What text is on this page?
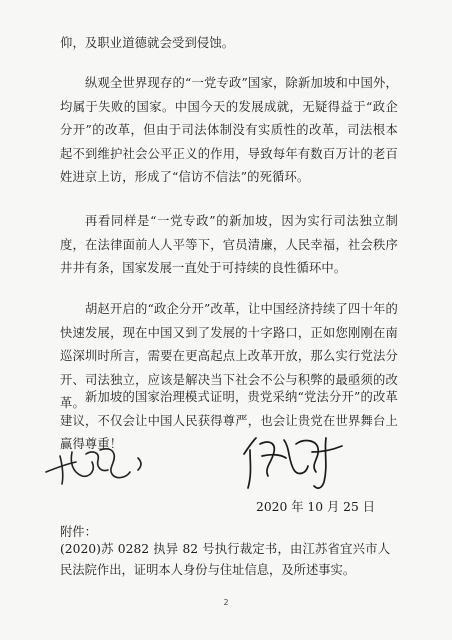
仰，及职业道德就会受到侵蚀。

纵观全世界现存的“一党专政”国家，除新加坡和中国外，均属于失败的国家。中国今天的发展成就，无疑得益于“政企分开”的改革，但由于司法体制没有实质性的改革，司法根本起不到维护社会公平正义的作用，导致每年有数百万计的老百姓进京上访，形成了“信访不信法”的死循环。

再看同样是“一党专政”的新加坡，因为实行司法独立制度，在法律面前人人平等下，官员清廉，人民幸福，社会秩序井井有条，国家发展一直处于可持续的良性循环中。

胡赵开启的“政企分开”改革，让中国经济持续了四十年的快速发展，现在中国又到了发展的十字路口，正如您刚刚在南巡深圳时所言，需要在更高起点上改革开放，那么实行党法分开、司法独立，应该是解决当下社会不公与积弊的最亟须的改革。 新加坡的国家治理模式证明，贵党采纳“党法分开”的改革建议，不仅会让中国人民获得尊严，也会让贵党在世界舞台上赢得尊重！

2020 年 10 月 25 日
附件：

(2020)苏 0282 执异 82 号执行裁定书，由江苏省宜兴市人民法院作出，证明本人身份与住址信息，及所述事实。

2
